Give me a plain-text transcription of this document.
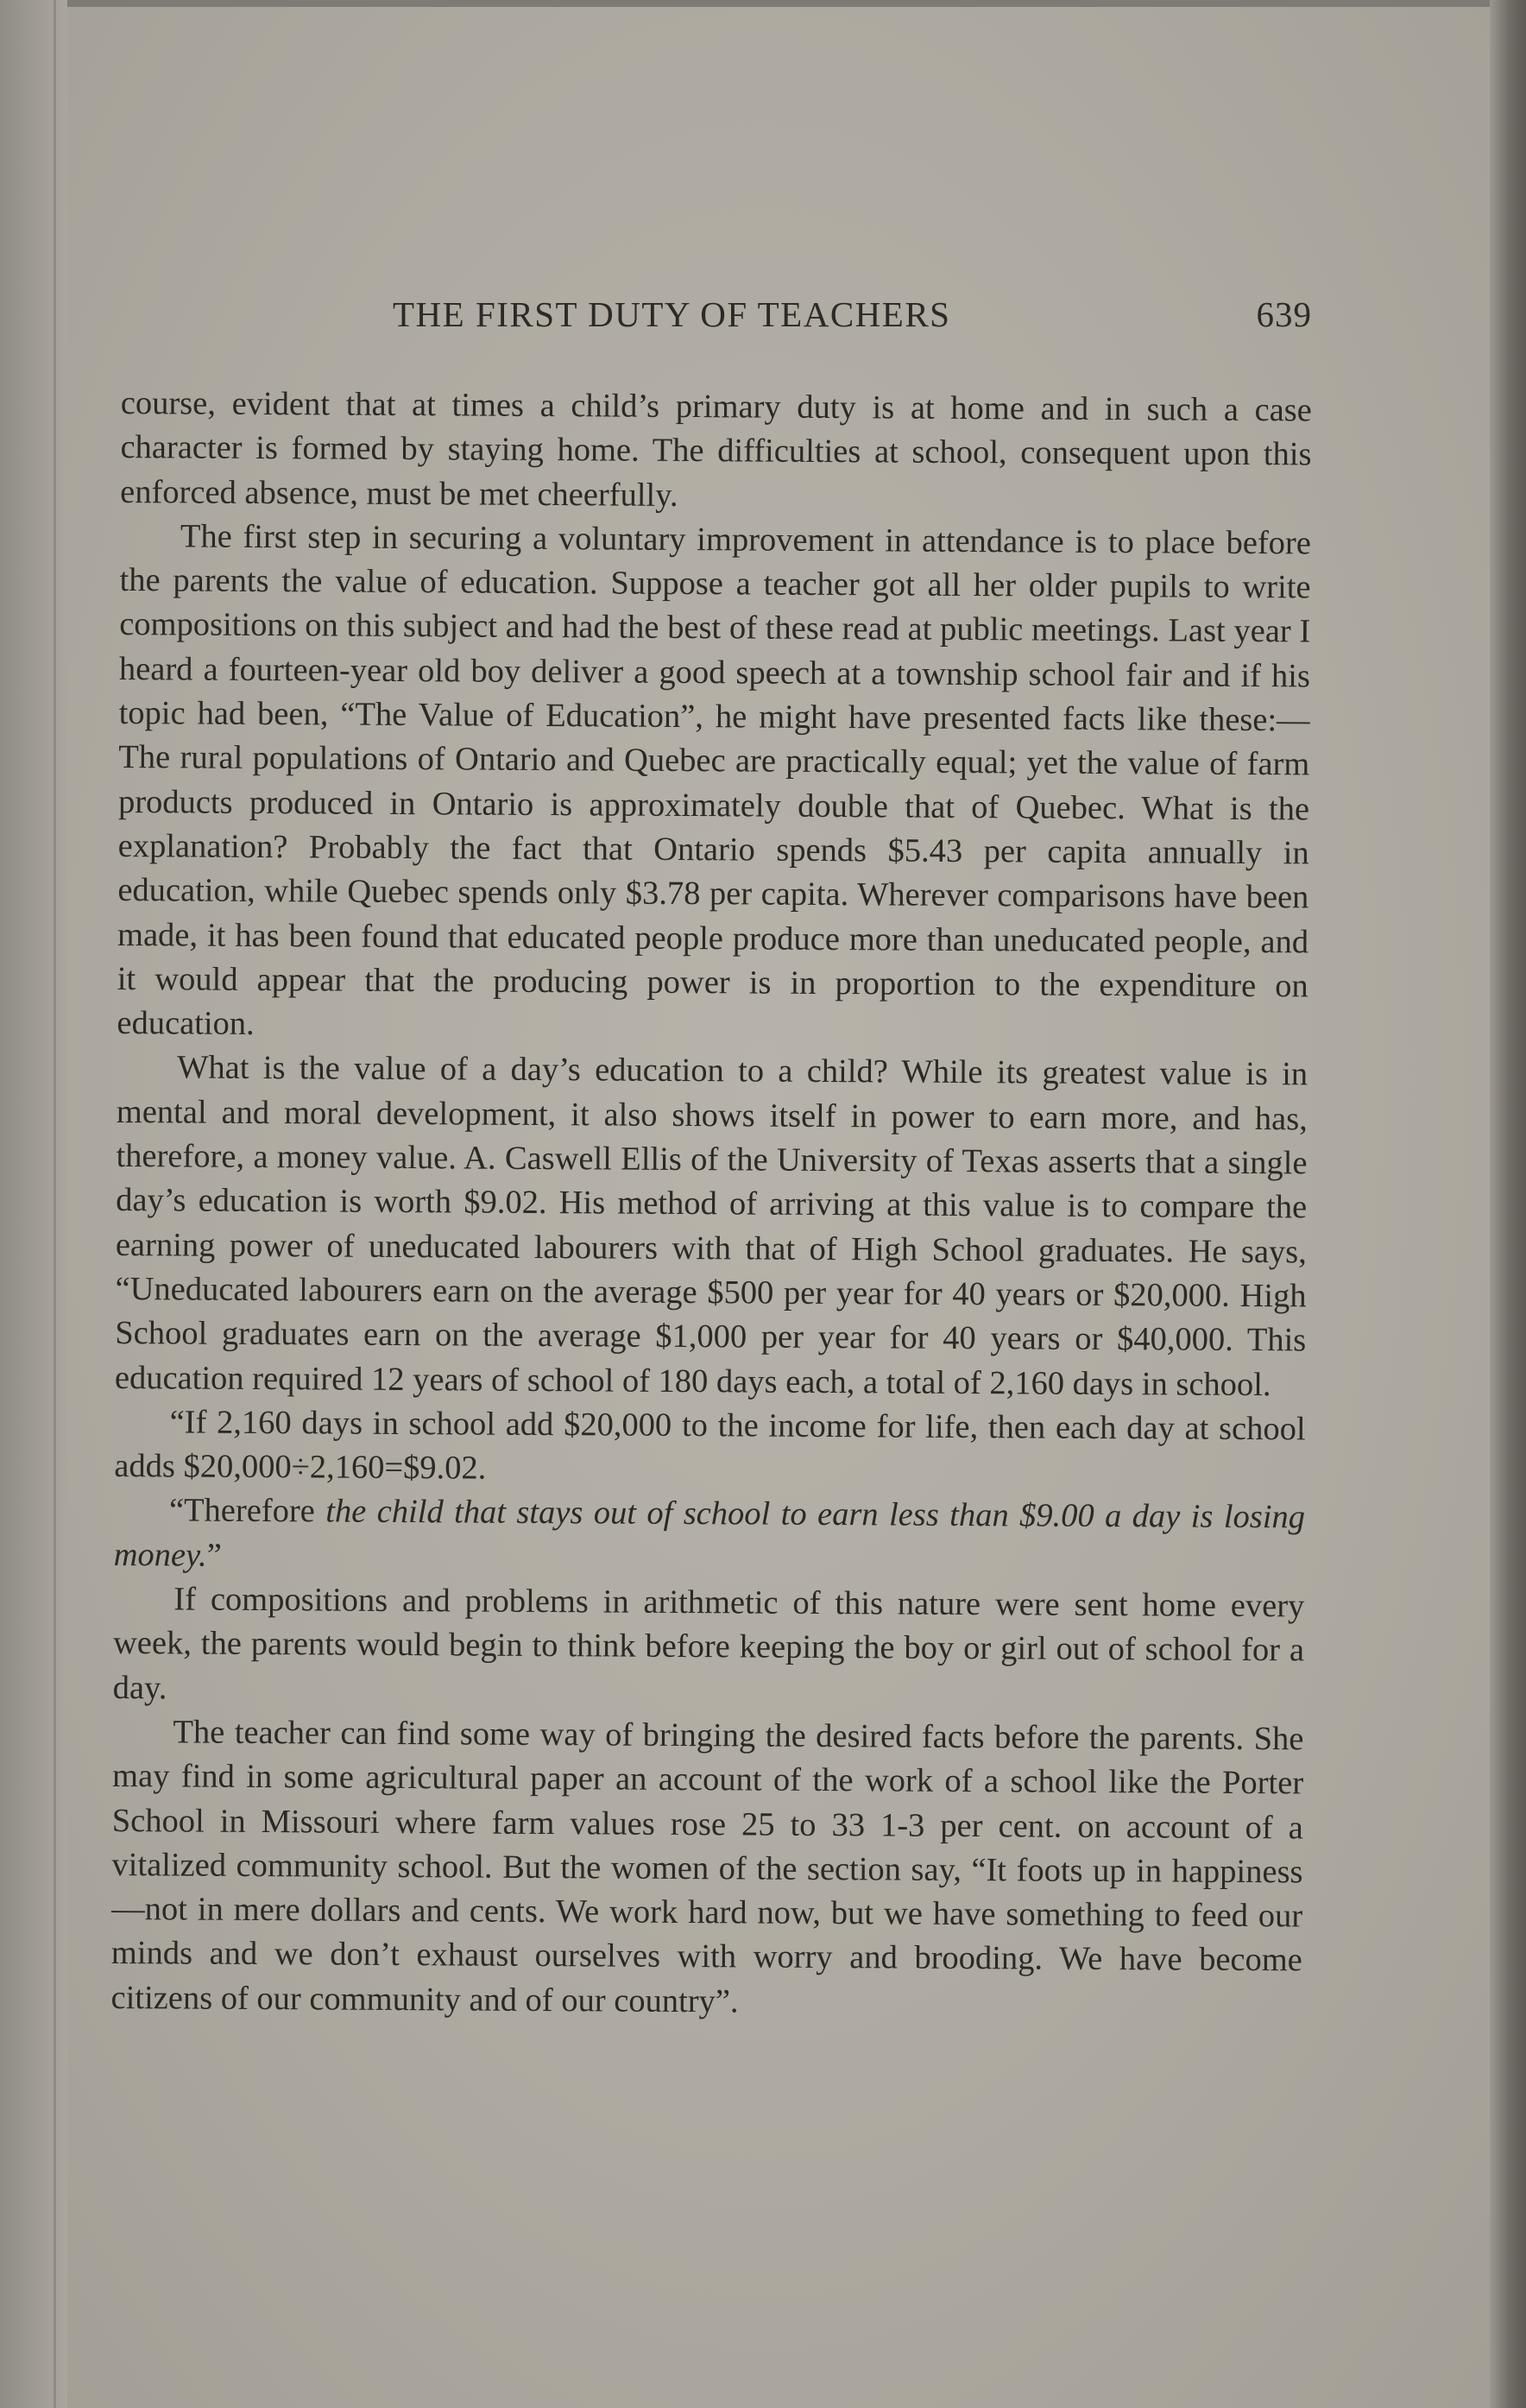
THE FIRST DUTY OF TEACHERS	639

course, evident that at times a child’s primary duty is at home and in such a case character is formed by staying home. The difficulties at school, consequent upon this enforced absence, must be met cheerfully.

The first step in securing a voluntary improvement in attendance is to place before the parents the value of education. Suppose a teacher got all her older pupils to write compositions on this subject and had the best of these read at public meetings. Last year I heard a fourteen-year old boy deliver a good speech at a township school fair and if his topic had been, “The Value of Education”, he might have presented facts like these:—The rural populations of Ontario and Quebec are practically equal; yet the value of farm products produced in Ontario is approximately double that of Quebec. What is the explanation? Probably the fact that Ontario spends $5.43 per capita annually in education, while Quebec spends only $3.78 per capita. Wherever comparisons have been made, it has been found that educated people produce more than uneducated people, and it would appear that the producing power is in proportion to the expenditure on education.

What is the value of a day’s education to a child? While its greatest value is in mental and moral development, it also shows itself in power to earn more, and has, therefore, a money value. A. Caswell Ellis of the University of Texas asserts that a single day’s education is worth $9.02. His method of arriving at this value is to compare the earning power of uneducated labourers with that of High School graduates. He says, “Uneducated labourers earn on the average $500 per year for 40 years or $20,000. High School graduates earn on the average $1,000 per year for 40 years or $40,000. This education required 12 years of school of 180 days each, a total of 2,160 days in school.

“If 2,160 days in school add $20,000 to the income for life, then each day at school adds $20,000÷2,160=$9.02.

“Therefore the child that stays out of school to earn less than $9.00 a day is losing money.”

If compositions and problems in arithmetic of this nature were sent home every week, the parents would begin to think before keeping the boy or girl out of school for a day.

The teacher can find some way of bringing the desired facts before the parents. She may find in some agricultural paper an account of the work of a school like the Porter School in Missouri where farm values rose 25 to 33 1-3 per cent. on account of a vitalized community school. But the women of the section say, “It foots up in happiness—not in mere dollars and cents. We work hard now, but we have something to feed our minds and we don’t exhaust ourselves with worry and brooding. We have become citizens of our community and of our country”.
